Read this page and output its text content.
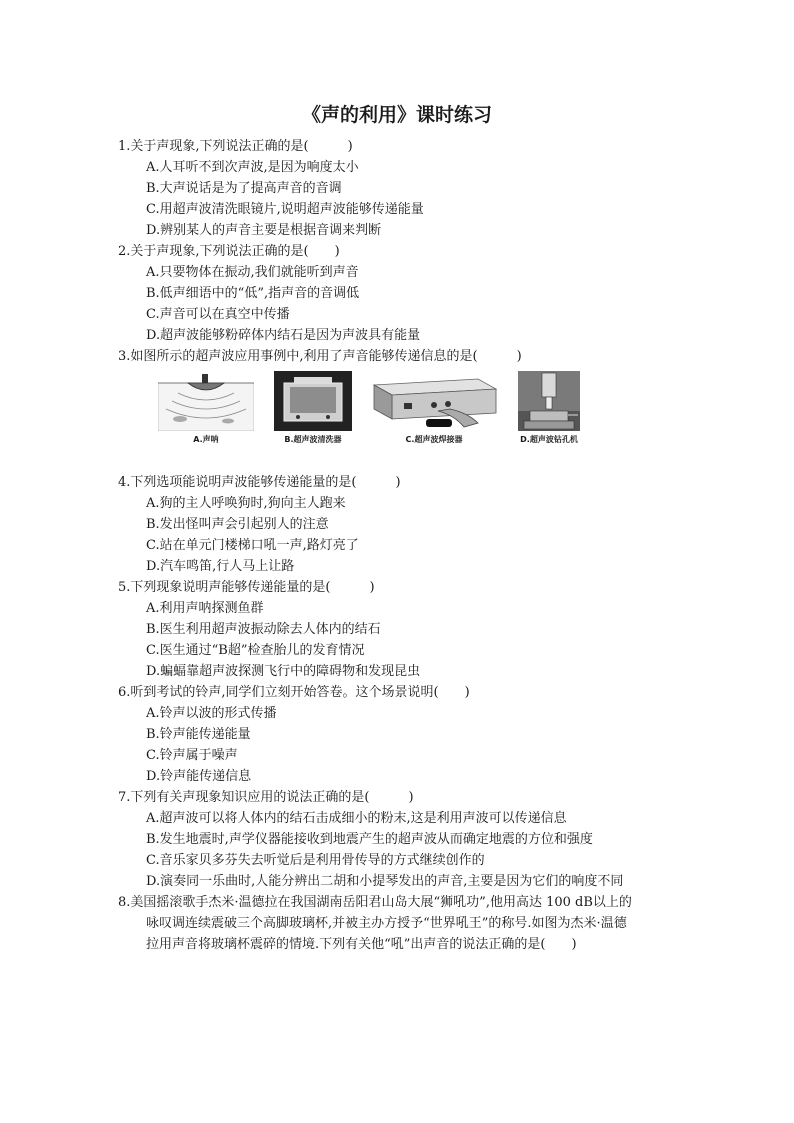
《声的利用》课时练习
1.关于声现象,下列说法正确的是(　　　)
A.人耳听不到次声波,是因为响度太小
B.大声说话是为了提高声音的音调
C.用超声波清洗眼镜片,说明超声波能够传递能量
D.辨别某人的声音主要是根据音调来判断
2.关于声现象,下列说法正确的是(　　)
A.只要物体在振动,我们就能听到声音
B.低声细语中的“低”,指声音的音调低
C.声音可以在真空中传播
D.超声波能够粉碎体内结石是因为声波具有能量
3.如图所示的超声波应用事例中,利用了声音能够传递信息的是(　　　)
A.声呐	B.超声波清洗器	C.超声波焊接器	D.超声波钻孔机
4.下列选项能说明声波能够传递能量的是(　　　)
A.狗的主人呼唤狗时,狗向主人跑来
B.发出怪叫声会引起别人的注意
C.站在单元门楼梯口吼一声,路灯亮了
D.汽车鸣笛,行人马上让路
5.下列现象说明声能够传递能量的是(　　　)
A.利用声呐探测鱼群
B.医生利用超声波振动除去人体内的结石
C.医生通过“B超”检查胎儿的发育情况
D.蝙蝠靠超声波探测飞行中的障碍物和发现昆虫
6.听到考试的铃声,同学们立刻开始答卷。这个场景说明(　　)
A.铃声以波的形式传播
B.铃声能传递能量
C.铃声属于噪声
D.铃声能传递信息
7.下列有关声现象知识应用的说法正确的是(　　　)
A.超声波可以将人体内的结石击成细小的粉末,这是利用声波可以传递信息
B.发生地震时,声学仪器能接收到地震产生的超声波从而确定地震的方位和强度
C.音乐家贝多芬失去听觉后是利用骨传导的方式继续创作的
D.演奏同一乐曲时,人能分辨出二胡和小提琴发出的声音,主要是因为它们的响度不同
8.美国摇滚歌手杰米·温德拉在我国湖南岳阳君山岛大展“狮吼功”,他用高达 100 dB以上的
咏叹调连续震破三个高脚玻璃杯,并被主办方授予“世界吼王”的称号.如图为杰米·温德
拉用声音将玻璃杯震碎的情境.下列有关他“吼”出声音的说法正确的是(　　)
